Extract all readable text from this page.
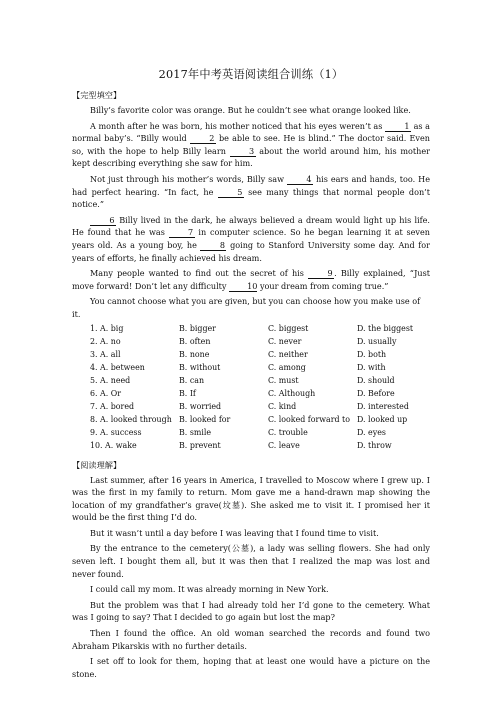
2017年中考英语阅读组合训练（1）
【完型填空】

Billy’s favorite color was orange. But he couldn’t see what orange looked like.

A month after he was born, his mother noticed that his eyes weren’t as 1 as a normal baby’s. “Billy would 2 be able to see. He is blind.” The doctor said. Even so, with the hope to help Billy learn 3 about the world around him, his mother kept describing everything she saw for him.

Not just through his mother’s words, Billy saw 4 his ears and hands, too. He had perfect hearing. “In fact, he 5 see many things that normal people don’t notice.”

6 Billy lived in the dark, he always believed a dream would light up his life. He found that he was 7 in computer science. So he began learning it at seven years old. As a young boy, he 8 going to Stanford University some day. And for years of efforts, he finally achieved his dream.

Many people wanted to find out the secret of his 9. Billy explained, “Just move forward! Don’t let any difficulty 10 your dream from coming true.”

You cannot choose what you are given, but you can choose how you make use of it.

1. A. big	B. bigger	C. biggest	D. the biggest
2. A. no	B. often	C. never	D. usually
3. A. all	B. none	C. neither	D. both
4. A. between	B. without	C. among	D. with
5. A. need	B. can	C. must	D. should
6. A. Or	B. If	C. Although	D. Before
7. A. bored	B. worried	C. kind	D. interested
8. A. looked through	B. looked for	C. looked forward to	D. looked up
9. A. success	B. smile	C. trouble	D. eyes
10. A. wake	B. prevent	C. leave	D. throw
【阅读理解】

Last summer, after 16 years in America, I travelled to Moscow where I grew up. I was the first in my family to return. Mom gave me a hand-drawn map showing the location of my grandfather’s grave(坟墓). She asked me to visit it. I promised her it would be the first thing I’d do.

But it wasn’t until a day before I was leaving that I found time to visit.

By the entrance to the cemetery(公墓), a lady was selling flowers. She had only seven left. I bought them all, but it was then that I realized the map was lost and never found.

I could call my mom. It was already morning in New York.

But the problem was that I had already told her I’d gone to the cemetery. What was I going to say? That I decided to go again but lost the map?

Then I found the office. An old woman searched the records and found two Abraham Pikarskis with no further details.

I set off to look for them, hoping that at least one would have a picture on the stone.
